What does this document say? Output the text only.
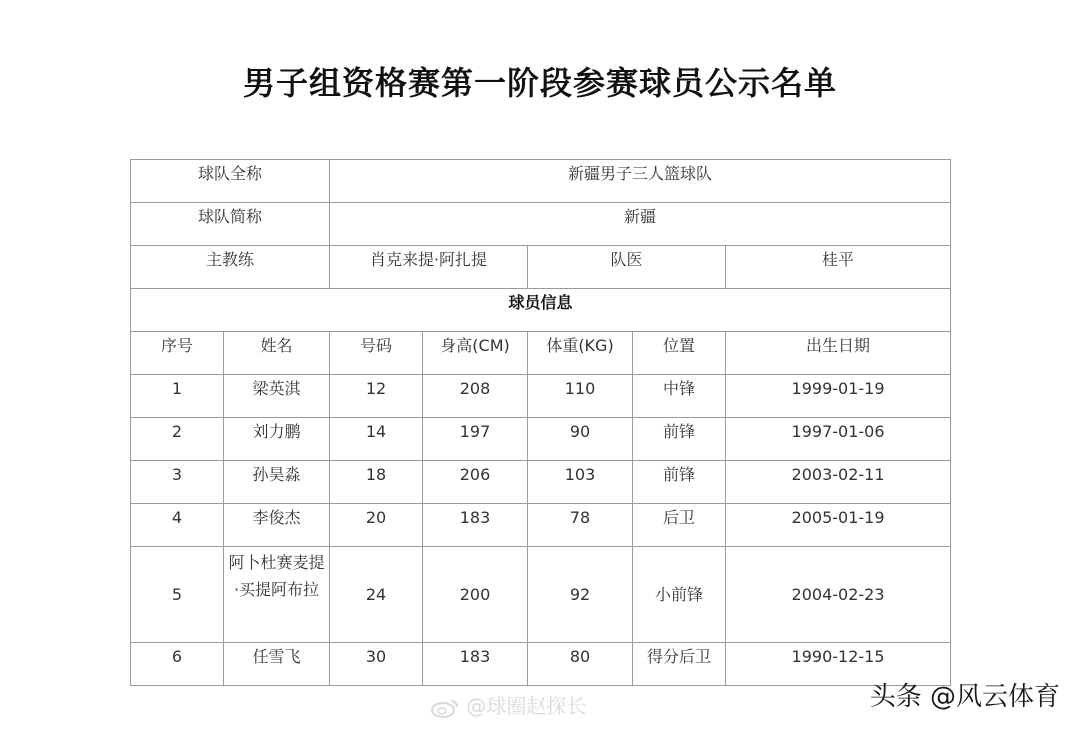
男子组资格赛第一阶段参赛球员公示名单
球队全称		新疆男子三人篮球队				
球队简称		新疆				
主教练		肖克来提·阿扎提		队医		桂平
球员信息						
序号	姓名	号码	身高(CM)	体重(KG)	位置	出生日期
1	梁英淇	12	208	110	中锋	1999-01-19
2	刘力鹏	14	197	90	前锋	1997-01-06
3	孙昊淼	18	206	103	前锋	2003-02-11
4	李俊杰	20	183	78	后卫	2005-01-19
5	阿卜杜赛麦提·买提阿布拉	24	200	92	小前锋	2004-02-23
6	任雪飞	30	183	80	得分后卫	1990-12-15
@球圈赵探长	头条 @风云体育
